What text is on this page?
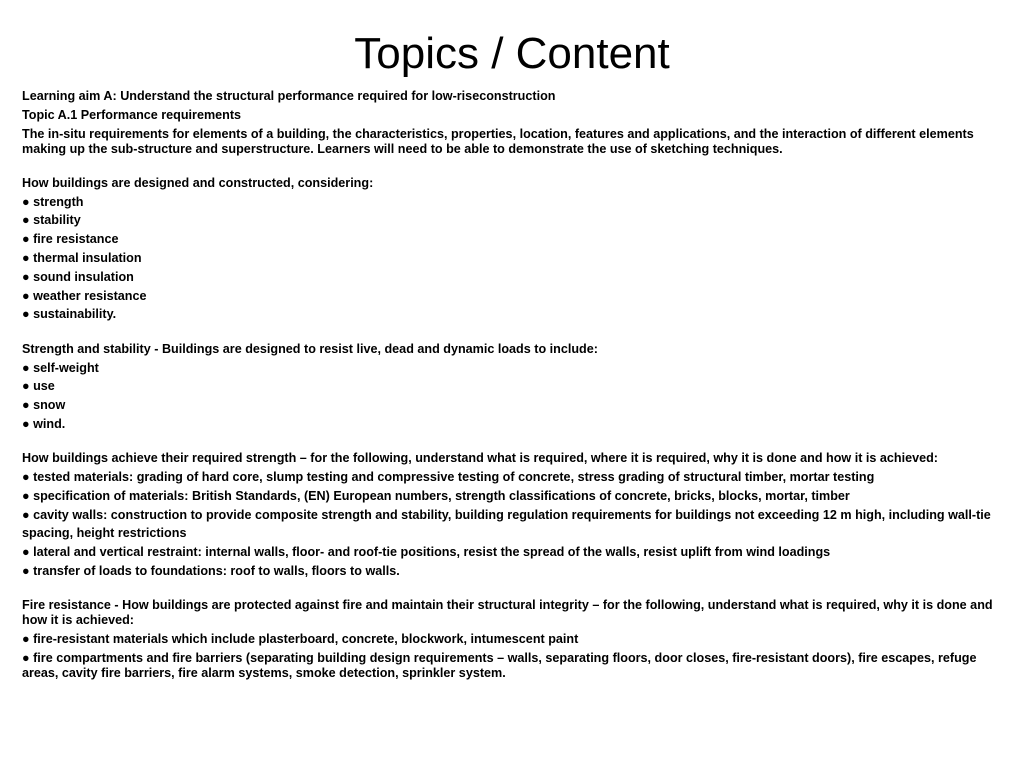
Topics / Content
Learning aim A: Understand the structural performance required for low-riseconstruction
Topic A.1 Performance requirements
The in-situ requirements for elements of a building, the characteristics, properties, location, features and applications, and the interaction of different elements making up the sub-structure and superstructure. Learners will need to be able to demonstrate the use of sketching techniques.
How buildings are designed and constructed, considering:
● strength
● stability
● fire resistance
● thermal insulation
● sound insulation
● weather resistance
● sustainability.
Strength and stability - Buildings are designed to resist live, dead and dynamic loads to include:
● self-weight
● use
● snow
● wind.
How buildings achieve their required strength – for the following, understand what is required, where it is required, why it is done and how it is achieved:
● tested materials: grading of hard core, slump testing and compressive testing of concrete, stress grading of structural timber, mortar testing
● specification of materials: British Standards, (EN) European numbers, strength classifications of concrete, bricks, blocks, mortar, timber
● cavity walls: construction to provide composite strength and stability, building regulation requirements for buildings not exceeding 12 m high, including wall-tie
spacing, height restrictions
● lateral and vertical restraint: internal walls, floor- and roof-tie positions, resist the spread of the walls, resist uplift from wind loadings
● transfer of loads to foundations: roof to walls, floors to walls.
Fire resistance - How buildings are protected against fire and maintain their structural integrity – for the following, understand what is required, why it is done and how it is achieved:
● fire-resistant materials which include plasterboard, concrete, blockwork, intumescent paint
● fire compartments and fire barriers (separating building design requirements – walls, separating floors, door closes, fire-resistant doors), fire escapes, refuge areas, cavity fire barriers, fire alarm systems, smoke detection, sprinkler system.
